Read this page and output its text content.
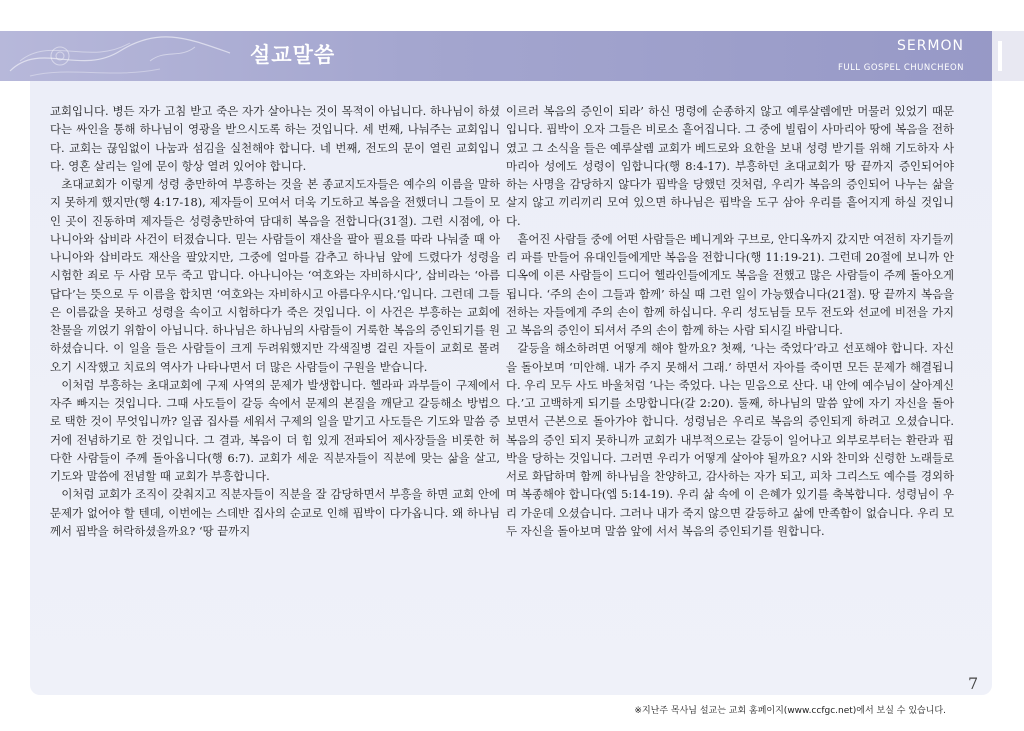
설교말씀	SERMON
FULL GOSPEL CHUNCHEON

교회입니다. 병든 자가 고침 받고 죽은 자가 살아나는 것이 목적이 아닙니다. 하나님이 하셨다는 싸인을 통해 하나님이 영광을 받으시도록 하는 것입니다. 세 번째, 나눠주는 교회입니다. 교회는 끊임없이 나눔과 섬김을 실천해야 합니다. 네 번째, 전도의 문이 열린 교회입니다. 영혼 살리는 일에 문이 항상 열려 있어야 합니다.

초대교회가 이렇게 성령 충만하여 부흥하는 것을 본 종교지도자들은 예수의 이름을 말하지 못하게 했지만(행 4:17-18), 제자들이 모여서 더욱 기도하고 복음을 전했더니 그들이 모인 곳이 진동하며 제자들은 성령충만하여 담대히 복음을 전합니다(31절). 그런 시점에, 아나니아와 삽비라 사건이 터졌습니다. 믿는 사람들이 재산을 팔아 필요를 따라 나눠줄 때 아나니아와 삽비라도 재산을 팔았지만, 그중에 얼마를 감추고 하나님 앞에 드렸다가 성령을 시험한 죄로 두 사람 모두 죽고 맙니다. 아나니아는 ‘여호와는 자비하시다’, 삽비라는 ‘아름답다’는 뜻으로 두 이름을 합치면 ‘여호와는 자비하시고 아름다우시다.’입니다. 그런데 그들은 이름값을 못하고 성령을 속이고 시험하다가 죽은 것입니다. 이 사건은 부흥하는 교회에 찬물을 끼얹기 위함이 아닙니다. 하나님은 하나님의 사람들이 거룩한 복음의 증인되기를 원하셨습니다. 이 일을 들은 사람들이 크게 두려워했지만 각색질병 걸린 자들이 교회로 몰려오기 시작했고 치료의 역사가 나타나면서 더 많은 사람들이 구원을 받습니다.

이처럼 부흥하는 초대교회에 구제 사역의 문제가 발생합니다. 헬라파 과부들이 구제에서 자주 빠지는 것입니다. 그때 사도들이 갈등 속에서 문제의 본질을 깨닫고 갈등해소 방법으로 택한 것이 무엇입니까? 일곱 집사를 세워서 구제의 일을 맡기고 사도들은 기도와 말씀 증거에 전념하기로 한 것입니다. 그 결과, 복음이 더 힘 있게 전파되어 제사장들을 비롯한 허다한 사람들이 주께 돌아옵니다(행 6:7). 교회가 세운 직분자들이 직분에 맞는 삶을 살고, 기도와 말씀에 전념할 때 교회가 부흥합니다.

이처럼 교회가 조직이 갖춰지고 직분자들이 직분을 잘 감당하면서 부흥을 하면 교회 안에 문제가 없어야 할 텐데, 이번에는 스데반 집사의 순교로 인해 핍박이 다가옵니다. 왜 하나님께서 핍박을 허락하셨을까요? ‘땅 끝까지

이르러 복음의 증인이 되라’ 하신 명령에 순종하지 않고 예루살렘에만 머물러 있었기 때문입니다. 핍박이 오자 그들은 비로소 흩어집니다. 그 중에 빌립이 사마리아 땅에 복음을 전하였고 그 소식을 들은 예루살렘 교회가 베드로와 요한을 보내 성령 받기를 위해 기도하자 사마리아 성에도 성령이 임합니다(행 8:4-17). 부흥하던 초대교회가 땅 끝까지 증인되어야 하는 사명을 감당하지 않다가 핍박을 당했던 것처럼, 우리가 복음의 증인되어 나누는 삶을 살지 않고 끼리끼리 모여 있으면 하나님은 핍박을 도구 삼아 우리를 흩어지게 하실 것입니다.

흩어진 사람들 중에 어떤 사람들은 베니게와 구브로, 안디옥까지 갔지만 여전히 자기들끼리 파를 만들어 유대인들에게만 복음을 전합니다(행 11:19-21). 그런데 20절에 보니까 안디옥에 이른 사람들이 드디어 헬라인들에게도 복음을 전했고 많은 사람들이 주께 돌아오게 됩니다. ‘주의 손이 그들과 함께’ 하실 때 그런 일이 가능했습니다(21절). 땅 끝까지 복음을 전하는 자들에게 주의 손이 함께 하십니다. 우리 성도님들 모두 전도와 선교에 비전을 가지고 복음의 증인이 되셔서 주의 손이 함께 하는 사람 되시길 바랍니다.

갈등을 해소하려면 어떻게 해야 할까요? 첫째, ‘나는 죽었다’라고 선포해야 합니다. 자신을 돌아보며 ‘미안해. 내가 주지 못해서 그래.’ 하면서 자아를 죽이면 모든 문제가 해결됩니다. 우리 모두 사도 바울처럼 ‘나는 죽었다. 나는 믿음으로 산다. 내 안에 예수님이 살아계신다.’고 고백하게 되기를 소망합니다(갈 2:20). 둘째, 하나님의 말씀 앞에 자기 자신을 돌아보면서 근본으로 돌아가야 합니다. 성령님은 우리로 복음의 증인되게 하려고 오셨습니다. 복음의 증인 되지 못하니까 교회가 내부적으로는 갈등이 일어나고 외부로부터는 환란과 핍박을 당하는 것입니다. 그러면 우리가 어떻게 살아야 될까요? 시와 찬미와 신령한 노래들로 서로 화답하며 함께 하나님을 찬양하고, 감사하는 자가 되고, 피차 그리스도 예수를 경외하며 복종해야 합니다(엡 5:14-19). 우리 삶 속에 이 은혜가 있기를 축복합니다. 성령님이 우리 가운데 오셨습니다. 그러나 내가 죽지 않으면 갈등하고 삶에 만족함이 없습니다. 우리 모두 자신을 돌아보며 말씀 앞에 서서 복음의 증인되기를 원합니다.

7
※지난주 목사님 설교는 교회 홈페이지(www.ccfgc.net)에서 보실 수 있습니다.
